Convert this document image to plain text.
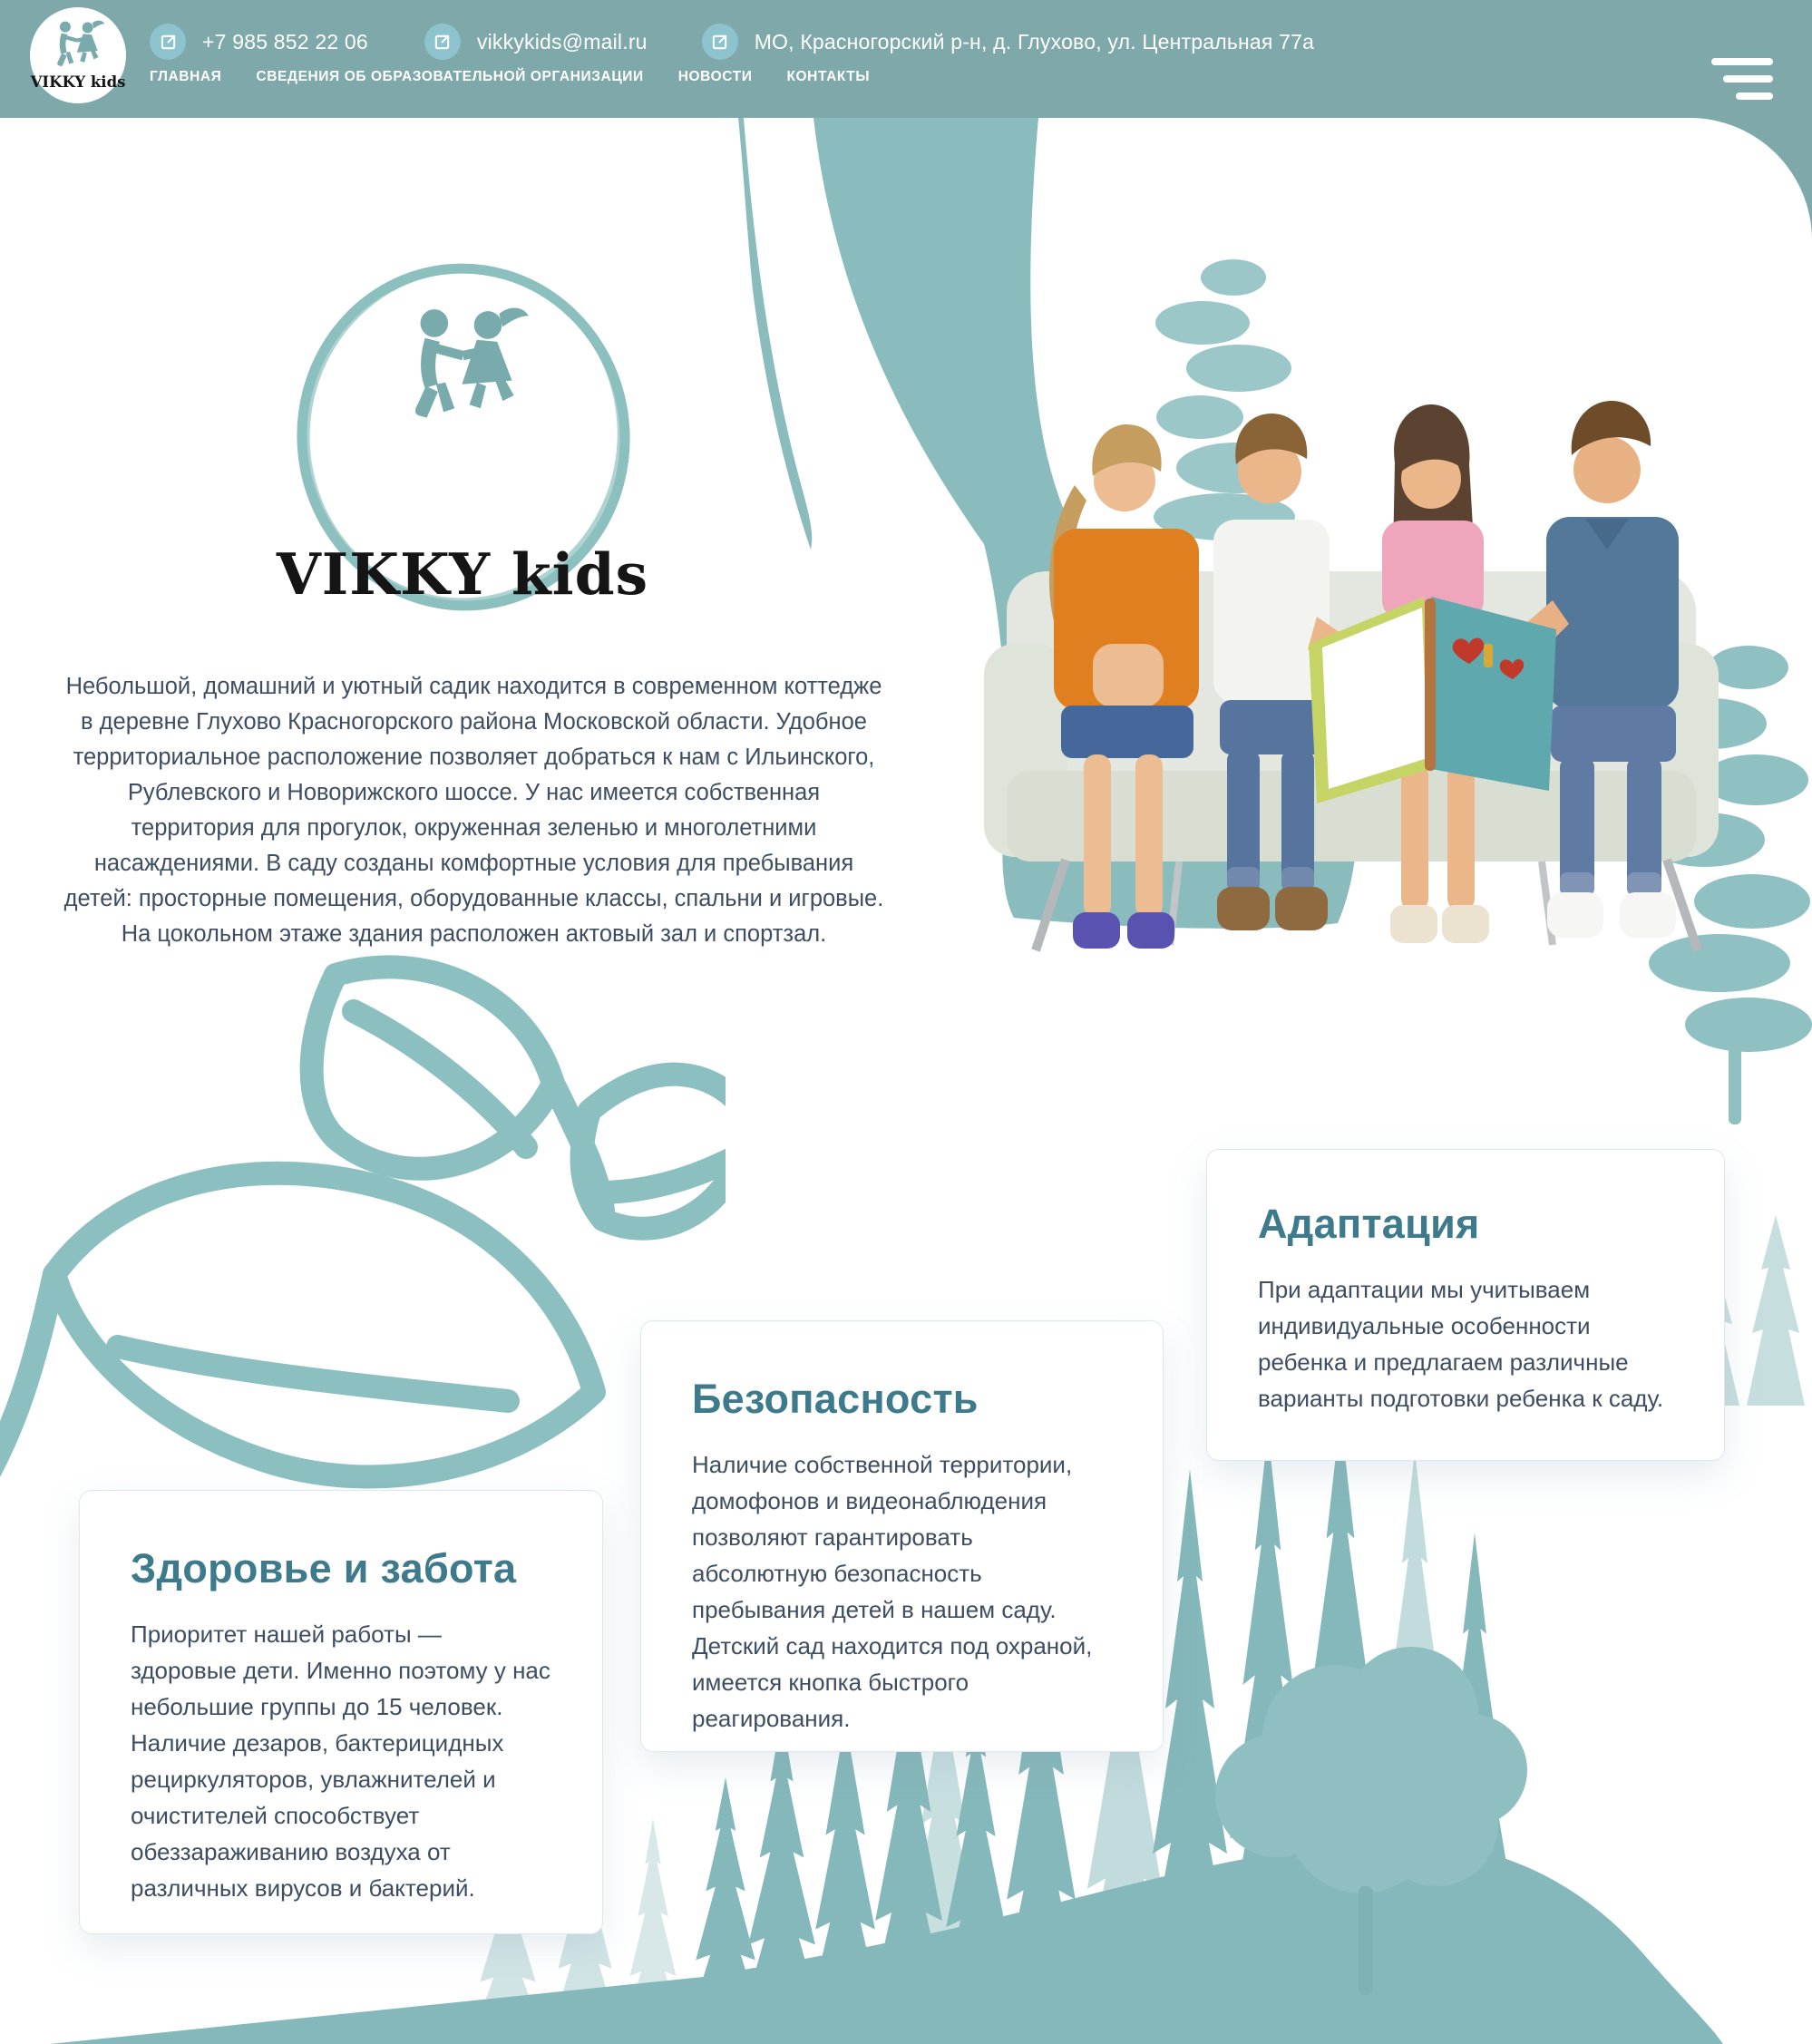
VIKKY kids
+7 985 852 22 06	vikkykids@mail.ru	МО, Красногорский р-н, д. Глухово, ул. Центральная 77а
ГЛАВНАЯ СВЕДЕНИЯ ОБ ОБРАЗОВАТЕЛЬНОЙ ОРГАНИЗАЦИИ НОВОСТИ КОНТАКТЫ
VIKKY kids

Небольшой, домашний и уютный садик находится в современном коттедже в деревне Глухово Красногорского района Московской области. Удобное территориальное расположение позволяет добраться к нам с Ильинского, Рублевского и Новорижского шоссе. У нас имеется собственная территория для прогулок, окруженная зеленью и многолетними насаждениями. В саду созданы комфортные условия для пребывания детей: просторные помещения, оборудованные классы, спальни и игровые. На цокольном этаже здания расположен актовый зал и спортзал.

Здоровье и забота

Приоритет нашей работы — здоровые дети. Именно поэтому у нас небольшие группы до 15 человек. Наличие дезаров, бактерицидных рециркуляторов, увлажнителей и очистителей способствует обеззараживанию воздуха от различных вирусов и бактерий.

Безопасность

Наличие собственной территории, домофонов и видеонаблюдения позволяют гарантировать абсолютную безопасность пребывания детей в нашем саду. Детский сад находится под охраной, имеется кнопка быстрого реагирования.

Адаптация

При адаптации мы учитываем индивидуальные особенности ребенка и предлагаем различные варианты подготовки ребенка к саду.
